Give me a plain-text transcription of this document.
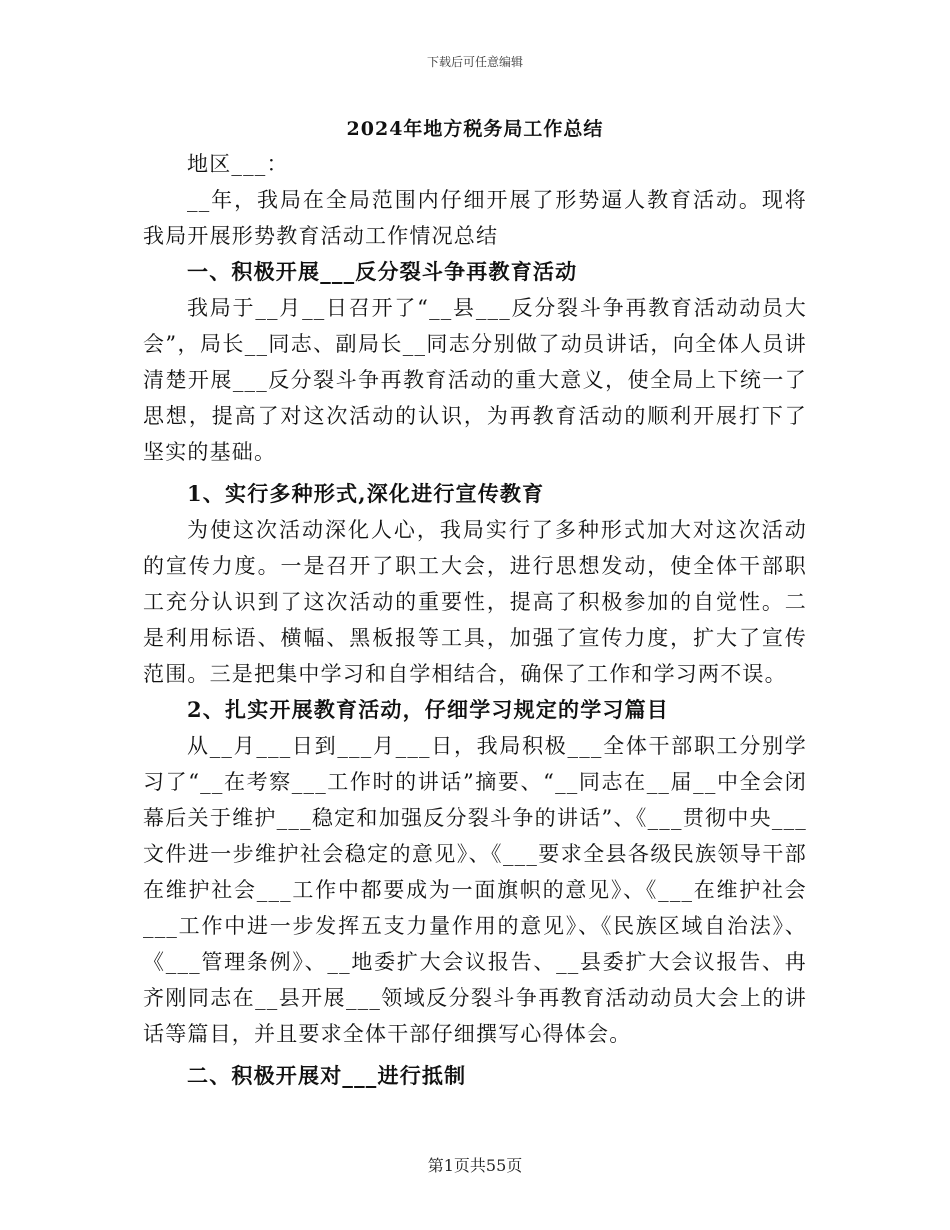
下载后可任意编辑
2024年地方税务局工作总结

地区___：

__年，我局在全局范围内仔细开展了形势逼人教育活动。现将我局开展形势教育活动工作情况总结

一、积极开展___反分裂斗争再教育活动

我局于__月__日召开了“__县___反分裂斗争再教育活动动员大会”，局长__同志、副局长__同志分别做了动员讲话，向全体人员讲清楚开展___反分裂斗争再教育活动的重大意义，使全局上下统一了思想，提高了对这次活动的认识，为再教育活动的顺利开展打下了坚实的基础。

1、实行多种形式,深化进行宣传教育

为使这次活动深化人心，我局实行了多种形式加大对这次活动的宣传力度。一是召开了职工大会，进行思想发动，使全体干部职工充分认识到了这次活动的重要性，提高了积极参加的自觉性。二是利用标语、横幅、黑板报等工具，加强了宣传力度，扩大了宣传范围。三是把集中学习和自学相结合，确保了工作和学习两不误。

2、扎实开展教育活动，仔细学习规定的学习篇目

从__月___日到___月___日，我局积极___全体干部职工分别学习了“__在考察___工作时的讲话”摘要、“__同志在__届__中全会闭幕后关于维护___稳定和加强反分裂斗争的讲话”、《___贯彻中央___文件进一步维护社会稳定的意见》、《___要求全县各级民族领导干部在维护社会___工作中都要成为一面旗帜的意见》、《___在维护社会___工作中进一步发挥五支力量作用的意见》、《民族区域自治法》、《___管理条例》、__地委扩大会议报告、__县委扩大会议报告、冉齐刚同志在__县开展___领域反分裂斗争再教育活动动员大会上的讲话等篇目，并且要求全体干部仔细撰写心得体会。

二、积极开展对___进行抵制

第1页共55页
